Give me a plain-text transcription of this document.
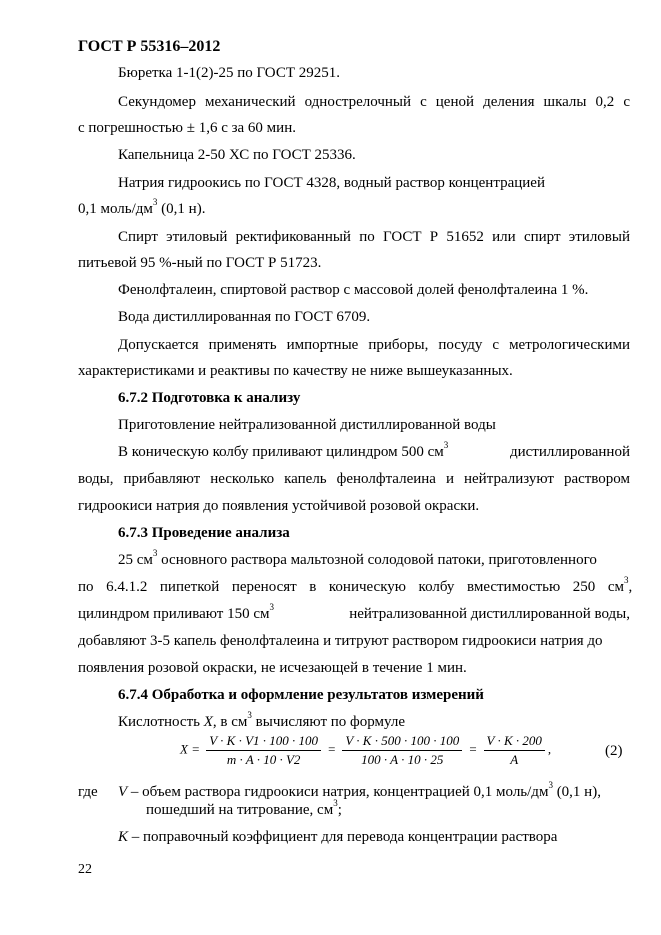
ГОСТ Р 55316–2012
Бюретка 1-1(2)-25 по ГОСТ 29251.
Секундомер механический однострелочный с ценой деления шкалы 0,2 с
с погрешностью ± 1,6 с за 60 мин.
Капельница 2-50 ХС по ГОСТ 25336.
Натрия гидроокись по ГОСТ 4328, водный раствор концентрацией
0,1 моль/$дм^3$ (0,1 н).
Спирт этиловый ректификованный по ГОСТ Р 51652 или спирт этиловый
питьевой 95 %-ный по ГОСТ Р 51723.
Фенолфталеин, спиртовой раствор с массовой долей фенолфталеина 1 %.
Вода дистиллированная по ГОСТ 6709.
Допускается применять импортные приборы, посуду с метрологическими
характеристиками и реактивы по качеству не ниже вышеуказанных.
6.7.2 Подготовка к анализу
Приготовление нейтрализованной дистиллированной воды
В коническую колбу приливают цилиндром 500 $см^3$	дистиллированной
воды, прибавляют несколько капель фенолфталеина и нейтрализуют раствором
гидроокиси натрия до появления устойчивой розовой окраски.
6.7.3 Проведение анализа
25 $см^3$ основного раствора мальтозной солодовой патоки, приготовленного
по 6.4.1.2 пипеткой переносят в коническую колбу вместимостью 250 $см^3$,
цилиндром приливают 150 $см^3$	нейтрализованной дистиллированной воды,
добавляют 3-5 капель фенолфталеина и титруют раствором гидроокиси натрия до
появления розовой окраски, не исчезающей в течение 1 мин.
6.7.4 Обработка и оформление результатов измерений
Кислотность X, в $см^3$ вычисляют по формуле
$X = \frac{V \cdot K \cdot V1 \cdot 100 \cdot 100}{m \cdot A \cdot 10 \cdot V2} = \frac{V \cdot K \cdot 500 \cdot 100 \cdot 100}{100 \cdot A \cdot 10 \cdot 25} = \frac{V \cdot K \cdot 200}{A}$ ,	(2)
где V – объем раствора гидроокиси натрия, концентрацией 0,1 моль/$дм^3$ (0,1 н),
пошедший на титрование, $см^3$;
K – поправочный коэффициент для перевода концентрации раствора
22
